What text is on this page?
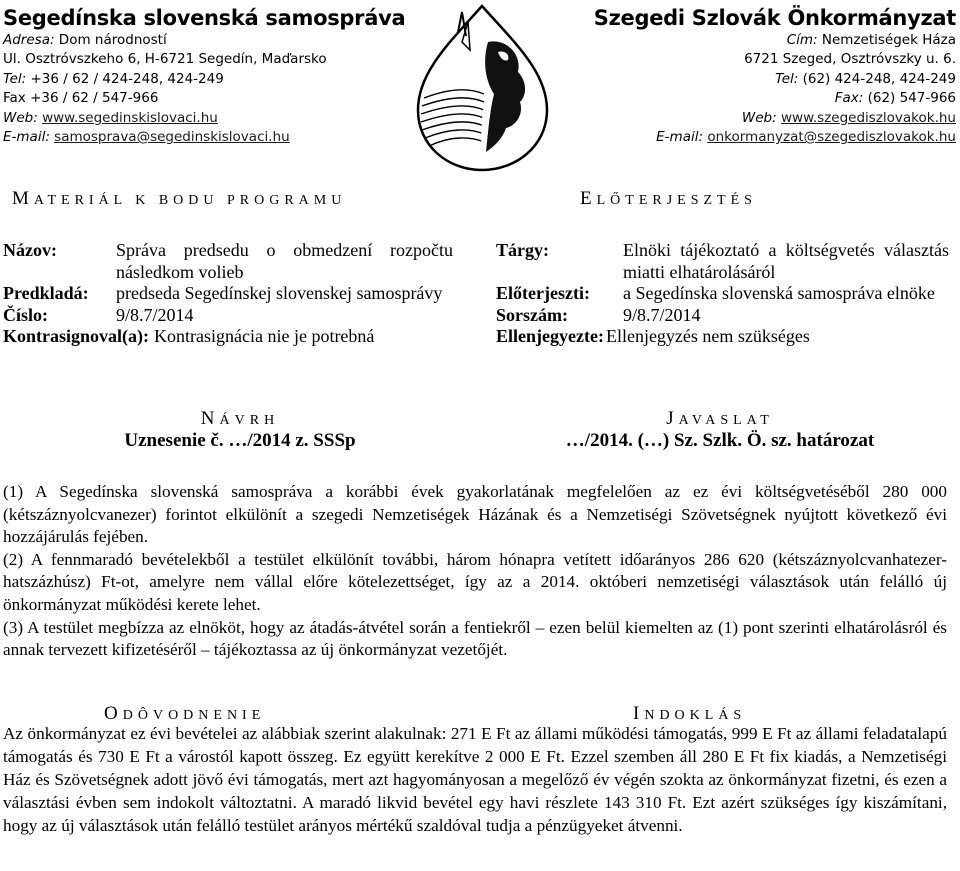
Segedínska slovenská samospráva
Adresa: Dom národností
Ul. Osztróvszkeho 6, H-6721 Segedín, Maďarsko
Tel: +36 / 62 / 424-248, 424-249
Fax +36 / 62 / 547-966
Web: www.segedinskislovaci.hu
E-mail: samosprava@segedinskislovaci.hu
Szegedi Szlovák Önkormányzat
Cím: Nemzetiségek Háza
6721 Szeged, Osztróvszky u. 6.
Tel: (62) 424-248, 424-249
Fax: (62) 547-966
Web: www.szegediszlovakok.hu
E-mail: onkormanyzat@szegediszlovakok.hu
MATERIÁL K BODU PROGRAMU	ELŐTERJESZTÉS
Názov:	Správa predsedu o obmedzení rozpočtu následkom volieb
Predkladá:	predseda Segedínskej slovenskej samosprávy
Číslo:	9/8.7/2014
Kontrasignoval(a): Kontrasignácia nie je potrebná
Tárgy:	Elnöki tájékoztató a költségvetés választás miatti elhatárolásáról
Előterjeszti:	a Segedínska slovenská samospráva elnöke
Sorszám:	9/8.7/2014
Ellenjegyezte: Ellenjegyzés nem szükséges
NÁVRH
Uznesenie č. …/2014 z. SSSp
JAVASLAT
…/2014. (…) Sz. Szlk. Ö. sz. határozat

(1) A Segedínska slovenská samospráva a korábbi évek gyakorlatának megfelelően az ez évi költségvetéséből 280 000 (kétszáznyolcvanezer) forintot elkülönít a szegedi Nemzetiségek Házának és a Nemzetiségi Szövetségnek nyújtott következő évi hozzájárulás fejében.

(2) A fennmaradó bevételekből a testület elkülönít további, három hónapra vetített időarányos 286 620 (kétszáznyolcvanhatezer-hatszázhúsz) Ft-ot, amelyre nem vállal előre kötelezettséget, így az a 2014. októberi nemzetiségi választások után felálló új önkormányzat működési kerete lehet.

(3) A testület megbízza az elnököt, hogy az átadás-átvétel során a fentiekről – ezen belül kiemelten az (1) pont szerinti elhatárolásról és annak tervezett kifizetéséről – tájékoztassa az új önkormányzat vezetőjét.

ODÔVODNENIE	INDOKLÁS
Az önkormányzat ez évi bevételei az alábbiak szerint alakulnak: 271 E Ft az állami működési támogatás, 999 E Ft az állami feladatalapú támogatás és 730 E Ft a várostól kapott összeg. Ez együtt kerekítve 2 000 E Ft. Ezzel szemben áll 280 E Ft fix kiadás, a Nemzetiségi Ház és Szövetségnek adott jövő évi támogatás, mert azt hagyományosan a megelőző év végén szokta az önkormányzat fizetni, és ezen a választási évben sem indokolt változtatni. A maradó likvid bevétel egy havi részlete 143 310 Ft. Ezt azért szükséges így kiszámítani, hogy az új választások után felálló testület arányos mértékű szaldóval tudja a pénzügyeket átvenni.
